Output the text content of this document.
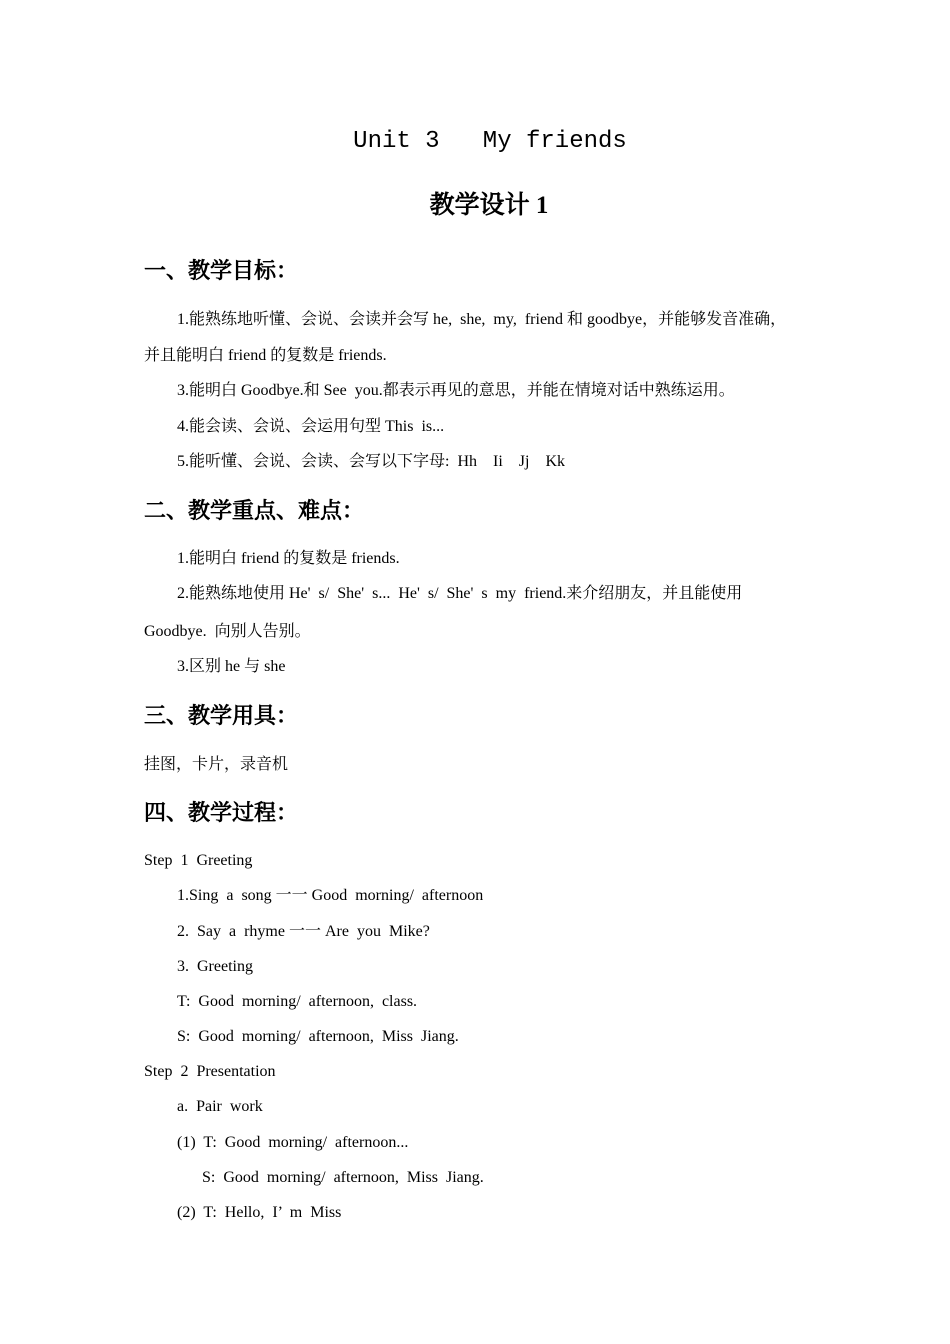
Unit 3   My friends
教学设计 1
一、教学目标：
1.能熟练地听懂、会说、会读并会写 he,  she,  my,  friend 和 goodbye，并能够发音准确，
并且能明白 friend 的复数是 friends.
3.能明白 Goodbye.和 See  you.都表示再见的意思，并能在情境对话中熟练运用。
4.能会读、会说、会运用句型 This  is...
5.能听懂、会说、会读、会写以下字母:  Hh    Ii    Jj    Kk
二、教学重点、难点：
1.能明白 friend 的复数是 friends.
2.能熟练地使用 He'  s/  She'  s...  He'  s/  She'  s  my  friend.来介绍朋友，并且能使用
Goodbye.  向别人告别。
3.区别 he 与 she
三、教学用具：
挂图，卡片，录音机
四、教学过程：
Step  1  Greeting
1.Sing  a  song 一一 Good  morning/  afternoon
2.  Say  a  rhyme 一一 Are  you  Mike?
3.  Greeting
T:  Good  morning/  afternoon,  class.
S:  Good  morning/  afternoon,  Miss  Jiang.
Step  2  Presentation
a.  Pair  work
(1)  T:  Good  morning/  afternoon...
S:  Good  morning/  afternoon,  Miss  Jiang.
(2)  T:  Hello,  I’  m  Miss
